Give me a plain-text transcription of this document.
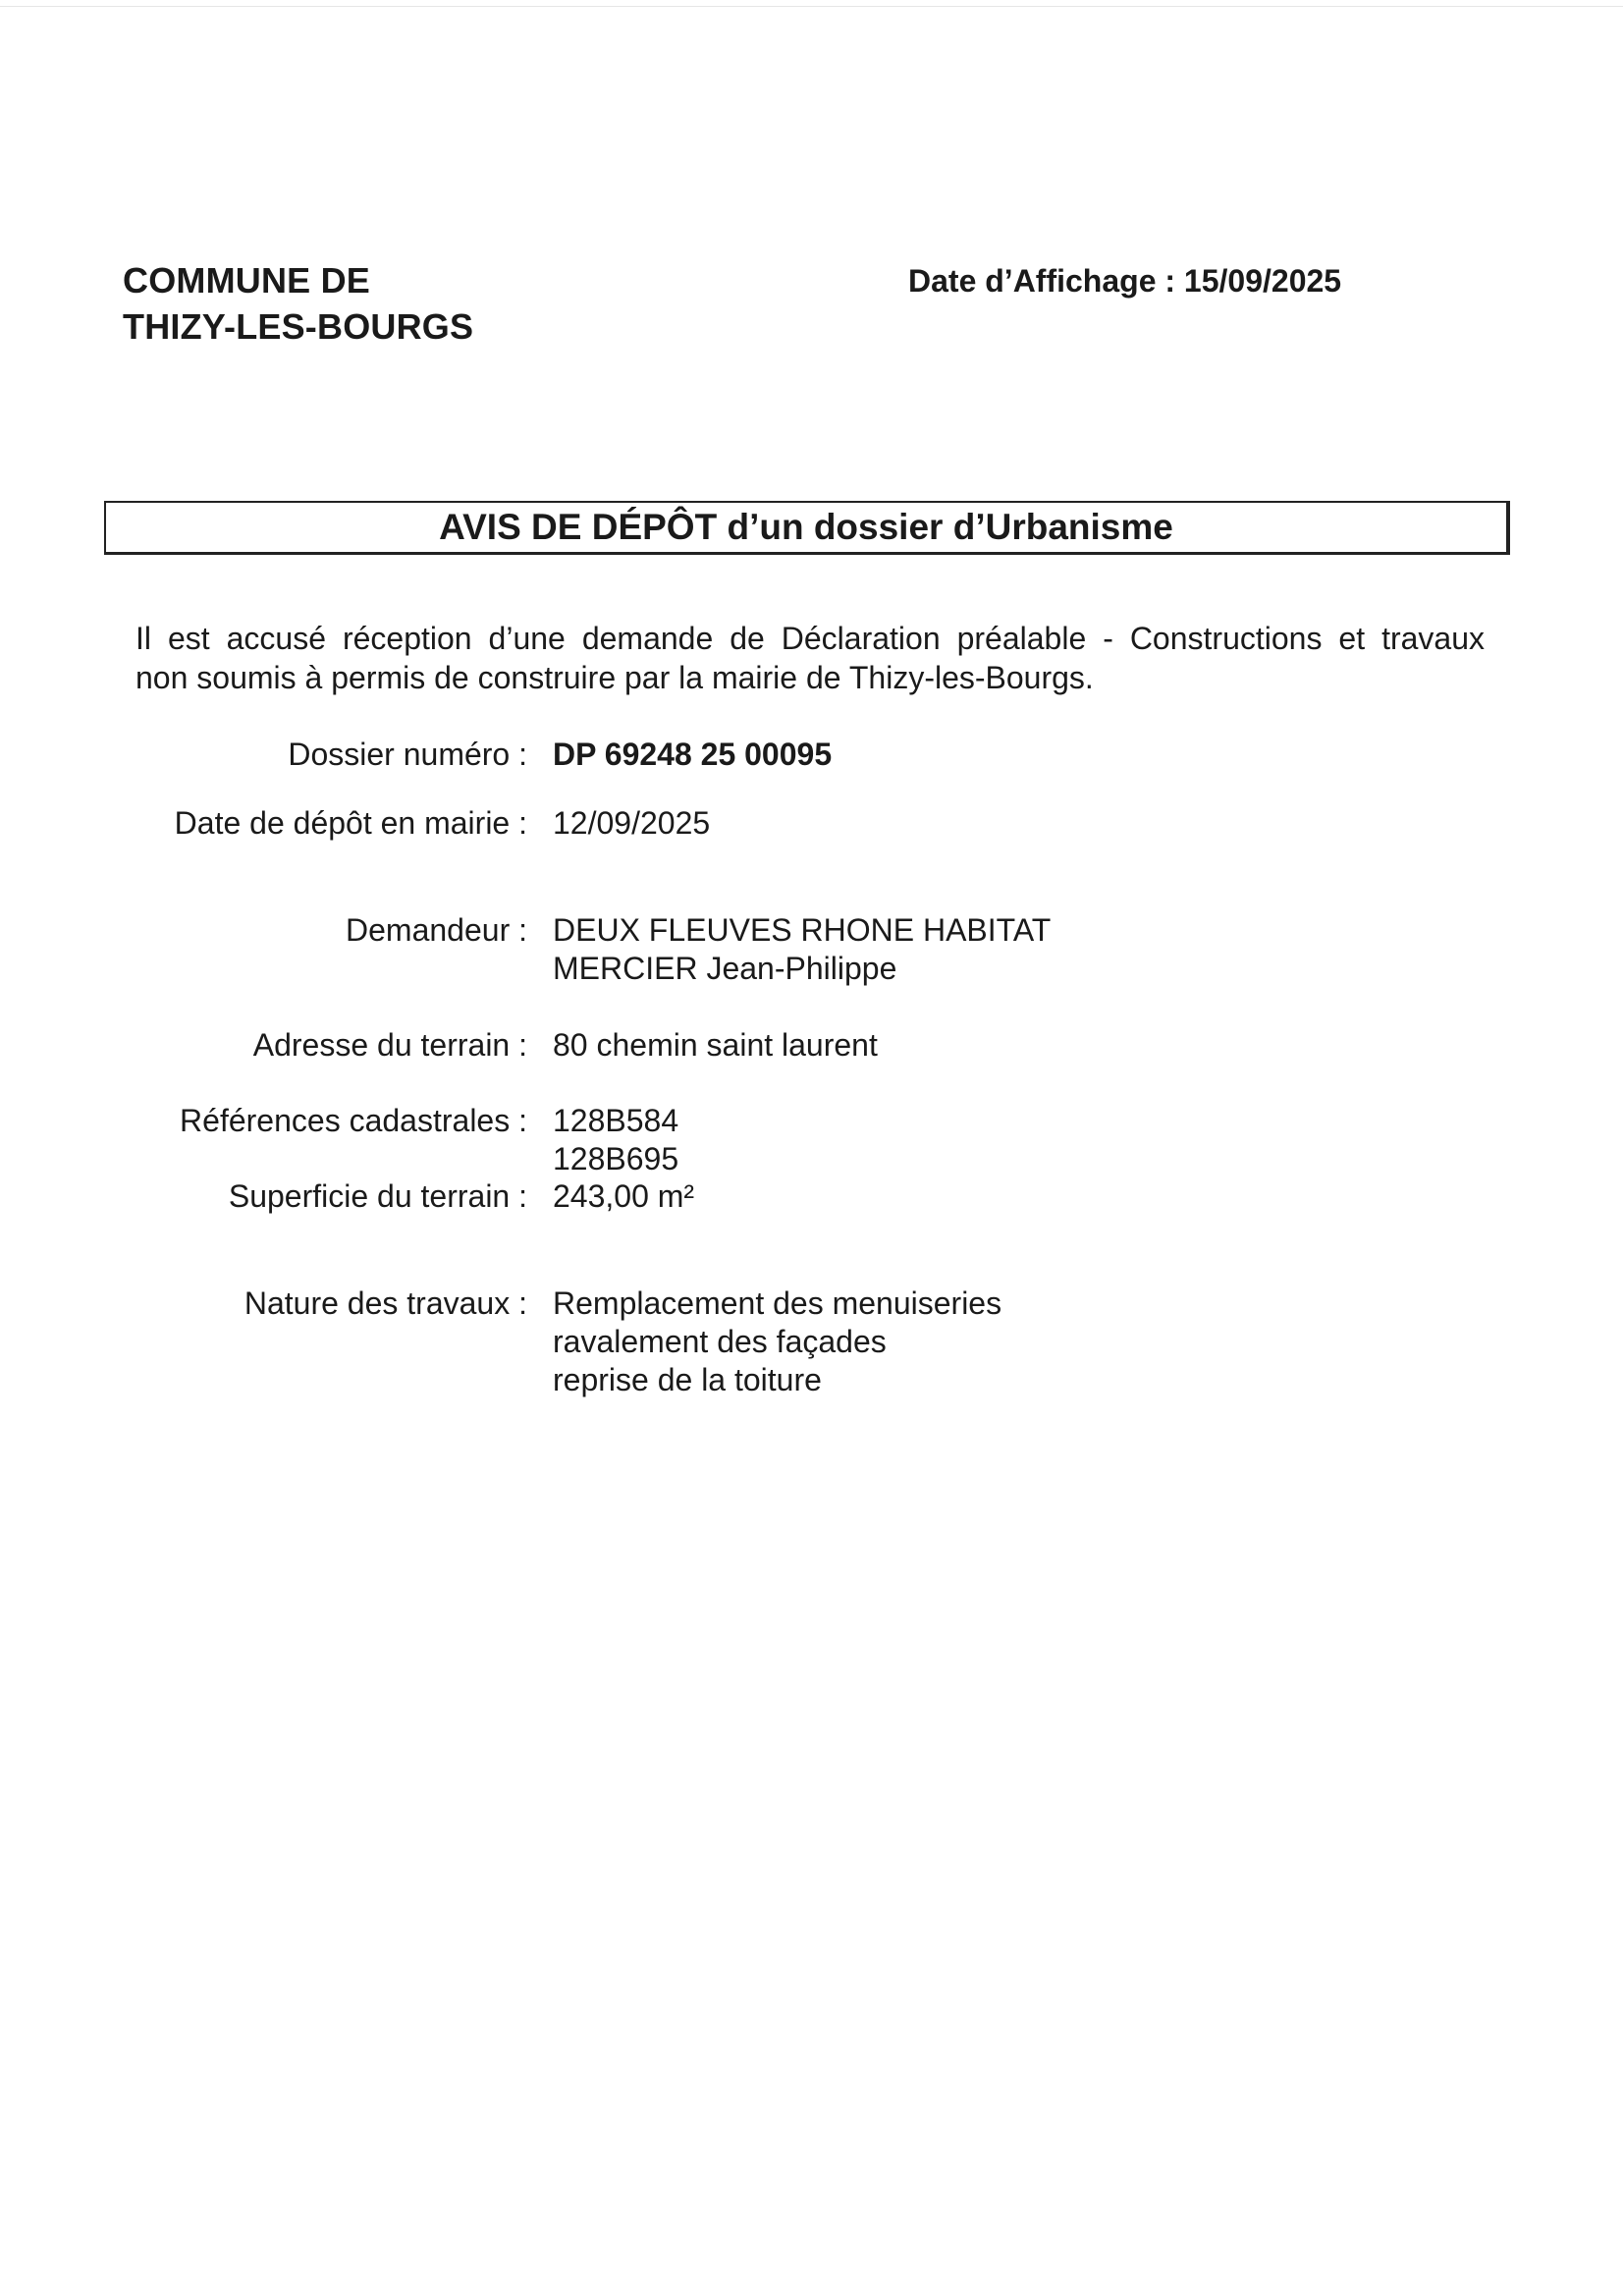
COMMUNE DE
THIZY-LES-BOURGS
Date d’Affichage : 15/09/2025
AVIS DE DÉPÔT d’un dossier d’Urbanisme
Il est accusé réception d’une demande de Déclaration préalable - Constructions et travaux
non soumis à permis de construire par la mairie de Thizy-les-Bourgs.
Dossier numéro : DP 69248 25 00095
Date de dépôt en mairie : 12/09/2025
Demandeur : DEUX FLEUVES RHONE HABITAT
MERCIER Jean-Philippe
Adresse du terrain : 80 chemin saint laurent
Références cadastrales : 128B584
128B695
Superficie du terrain : 243,00 m²
Nature des travaux : Remplacement des menuiseries
ravalement des façades
reprise de la toiture
